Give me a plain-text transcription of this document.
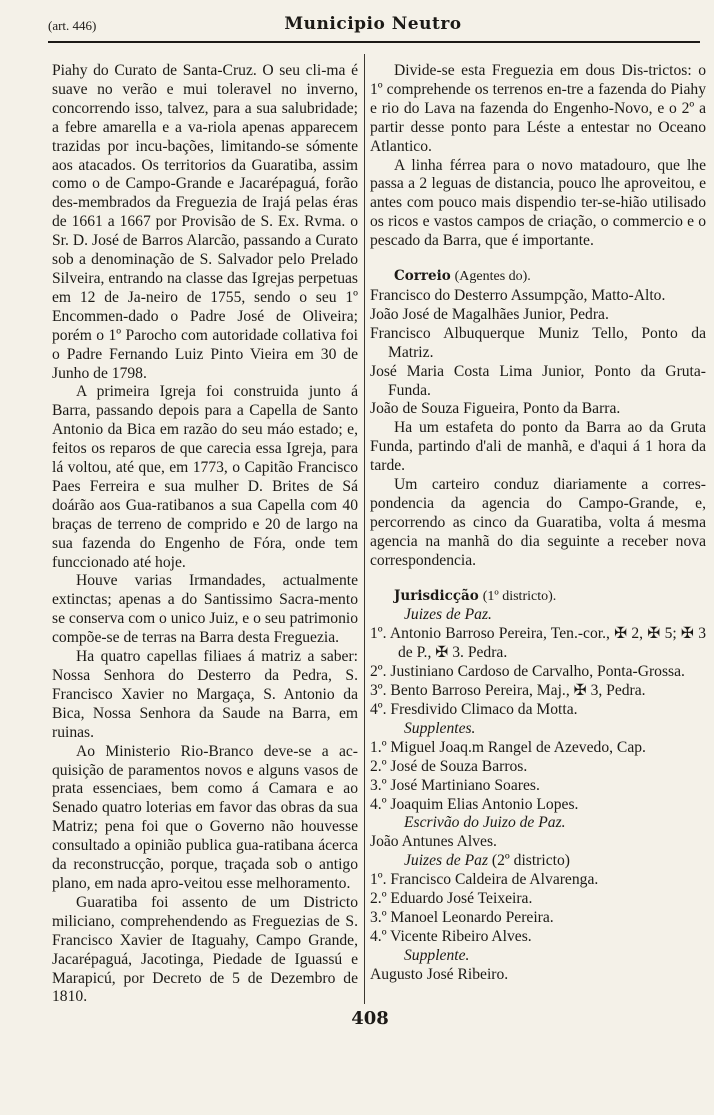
(art. 446)	Municipio Neutro

Piahy do Curato de Santa-Cruz. O seu cli-ma é suave no verão e mui toleravel no inverno, concorrendo isso, talvez, para a sua salubridade; a febre amarella e a va-riola apenas apparecem trazidas por incu-bações, limitando-se sómente aos atacados. Os territorios da Guaratiba, assim como o de Campo-Grande e Jacarépaguá, forão des-membrados da Freguezia de Irajá pelas éras de 1661 a 1667 por Provisão de S. Ex. Rvma. o Sr. D. José de Barros Alarcão, passando a Curato sob a denominação de S. Salvador pelo Prelado Silveira, entrando na classe das Igrejas perpetuas em 12 de Ja-neiro de 1755, sendo o seu 1º Encommen-dado o Padre José de Oliveira; porém o 1º Parocho com autoridade collativa foi o Padre Fernando Luiz Pinto Vieira em 30 de Junho de 1798.

A primeira Igreja foi construida junto á Barra, passando depois para a Capella de Santo Antonio da Bica em razão do seu máo estado; e, feitos os reparos de que carecia essa Igreja, para lá voltou, até que, em 1773, o Capitão Francisco Paes Ferreira e sua mulher D. Brites de Sá doárão aos Gua-ratibanos a sua Capella com 40 braças de terreno de comprido e 20 de largo na sua fazenda do Engenho de Fóra, onde tem funccionado até hoje.

Houve varias Irmandades, actualmente extinctas; apenas a do Santissimo Sacra-mento se conserva com o unico Juiz, e o seu patrimonio compõe-se de terras na Barra desta Freguezia.

Ha quatro capellas filiaes á matriz a saber: Nossa Senhora do Desterro da Pedra, S. Francisco Xavier no Margaça, S. Antonio da Bica, Nossa Senhora da Saude na Barra, em ruinas.

Ao Ministerio Rio-Branco deve-se a ac-quisição de paramentos novos e alguns vasos de prata essenciaes, bem como á Camara e ao Senado quatro loterias em favor das obras da sua Matriz; pena foi que o Governo não houvesse consultado a opinião publica gua-ratibana ácerca da reconstrucção, porque, traçada sob o antigo plano, em nada apro-veitou esse melhoramento.

Guaratiba foi assento de um Districto miliciano, comprehendendo as Freguezias de S. Francisco Xavier de Itaguahy, Campo Grande, Jacarépaguá, Jacotinga, Piedade de Iguassú e Marapicú, por Decreto de 5 de Dezembro de 1810.

Divide-se esta Freguezia em dous Dis-trictos: o 1º comprehende os terrenos en-tre a fazenda do Piahy e rio do Lava na fazenda do Engenho-Novo, e o 2º a partir desse ponto para Léste a entestar no Oceano Atlantico.

A linha férrea para o novo matadouro, que lhe passa a 2 leguas de distancia, pouco lhe aproveitou, e antes com pouco mais dispendio ter-se-hião utilisado os ricos e vastos campos de criação, o commercio e o pescado da Barra, que é importante.

Correio (Agentes do).

Francisco do Desterro Assumpção, Matto-Alto.

João José de Magalhães Junior, Pedra.

Francisco Albuquerque Muniz Tello, Ponto da Matriz.

José Maria Costa Lima Junior, Ponto da Gruta-Funda.

João de Souza Figueira, Ponto da Barra.

Ha um estafeta do ponto da Barra ao da Gruta Funda, partindo d'ali de manhã, e d'aqui á 1 hora da tarde.

Um carteiro conduz diariamente a corres-pondencia da agencia do Campo-Grande, e, percorrendo as cinco da Guaratiba, volta á mesma agencia na manhã do dia seguinte a receber nova correspondencia.

Jurisdicção (1º districto).

Juizes de Paz.

1º. Antonio Barroso Pereira, Ten.-cor., ✠ 2, ✠ 5; ✠ 3 de P., ✠ 3. Pedra.

2º. Justiniano Cardoso de Carvalho, Ponta-Grossa.

3º. Bento Barroso Pereira, Maj., ✠ 3, Pedra.

4º. Fresdivido Climaco da Motta.

Supplentes.

1.º Miguel Joaq.m Rangel de Azevedo, Cap.

2.º José de Souza Barros.

3.º José Martiniano Soares.

4.º Joaquim Elias Antonio Lopes.

Escrivão do Juizo de Paz.

João Antunes Alves.

Juizes de Paz (2º districto)

1º. Francisco Caldeira de Alvarenga.

2.º Eduardo José Teixeira.

3.º Manoel Leonardo Pereira.

4.º Vicente Ribeiro Alves.

Supplente.

Augusto José Ribeiro.

408
